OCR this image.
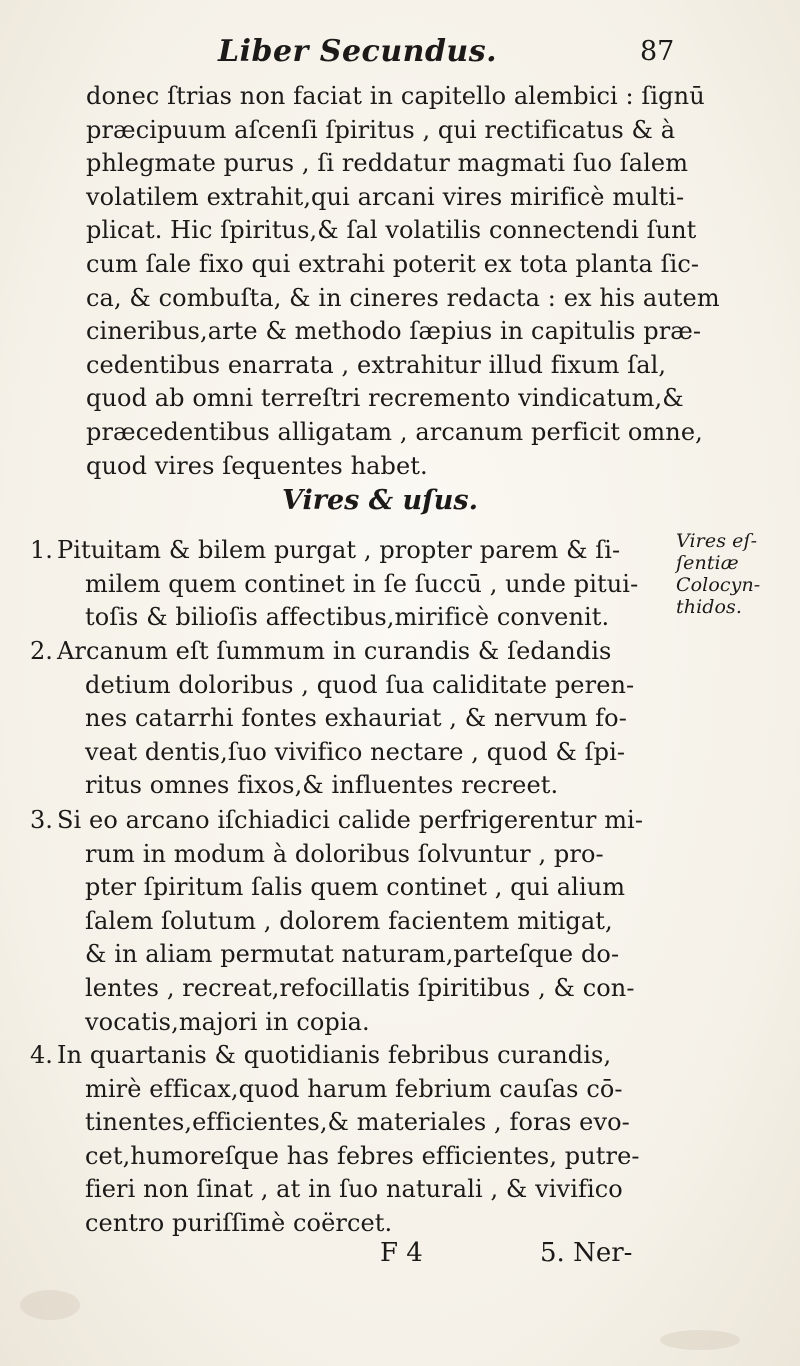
Liber Secundus.	87
donec ſtrias non faciat in capitello alembici : ſignū
præcipuum aſcenſi ſpiritus , qui rectificatus & à
phlegmate purus , ſi reddatur magmati ſuo ſalem
volatilem extrahit,qui arcani vires mirificè multi-
plicat. Hic ſpiritus,& ſal volatilis connectendi ſunt
cum ſale fixo qui extrahi poterit ex tota planta ſic-
ca, & combuſta, & in cineres redacta : ex his autem
cineribus,arte & methodo ſæpius in capitulis præ-
cedentibus enarrata , extrahitur illud fixum ſal,
quod ab omni terreſtri recremento vindicatum,&
præcedentibus alligatam , arcanum perficit omne,
quod vires ſequentes habet.
Vires & uſus.
Vires eſ-
ſentiæ
Colocyn-
thidos.
1. Pituitam & bilem purgat , propter parem & ſi-
milem quem continet in ſe ſuccū , unde pitui-
toſis & bilioſis affectibus,mirificè convenit.
2. Arcanum eſt ſummum in curandis & ſedandis
detium doloribus , quod ſua caliditate peren-
nes catarrhi fontes exhauriat , & nervum fo-
veat dentis,ſuo vivifico nectare , quod & ſpi-
ritus omnes fixos,& influentes recreet.
3. Si eo arcano iſchiadici calide perfrigerentur mi-
rum in modum à doloribus ſolvuntur , pro-
pter ſpiritum ſalis quem continet , qui alium
ſalem ſolutum , dolorem facientem mitigat,
& in aliam permutat naturam,parteſque do-
lentes , recreat,refocillatis ſpiritibus , & con-
vocatis,majori in copia.
4. In quartanis & quotidianis febribus curandis,
mirè efficax,quod harum febrium cauſas cō-
tinentes,efficientes,& materiales , foras evo-
cet,humoreſque has febres efficientes, putre-
fieri non ſinat , at in ſuo naturali , & vivifico
centro puriſſimè coërcet.
F 4	5. Ner-
